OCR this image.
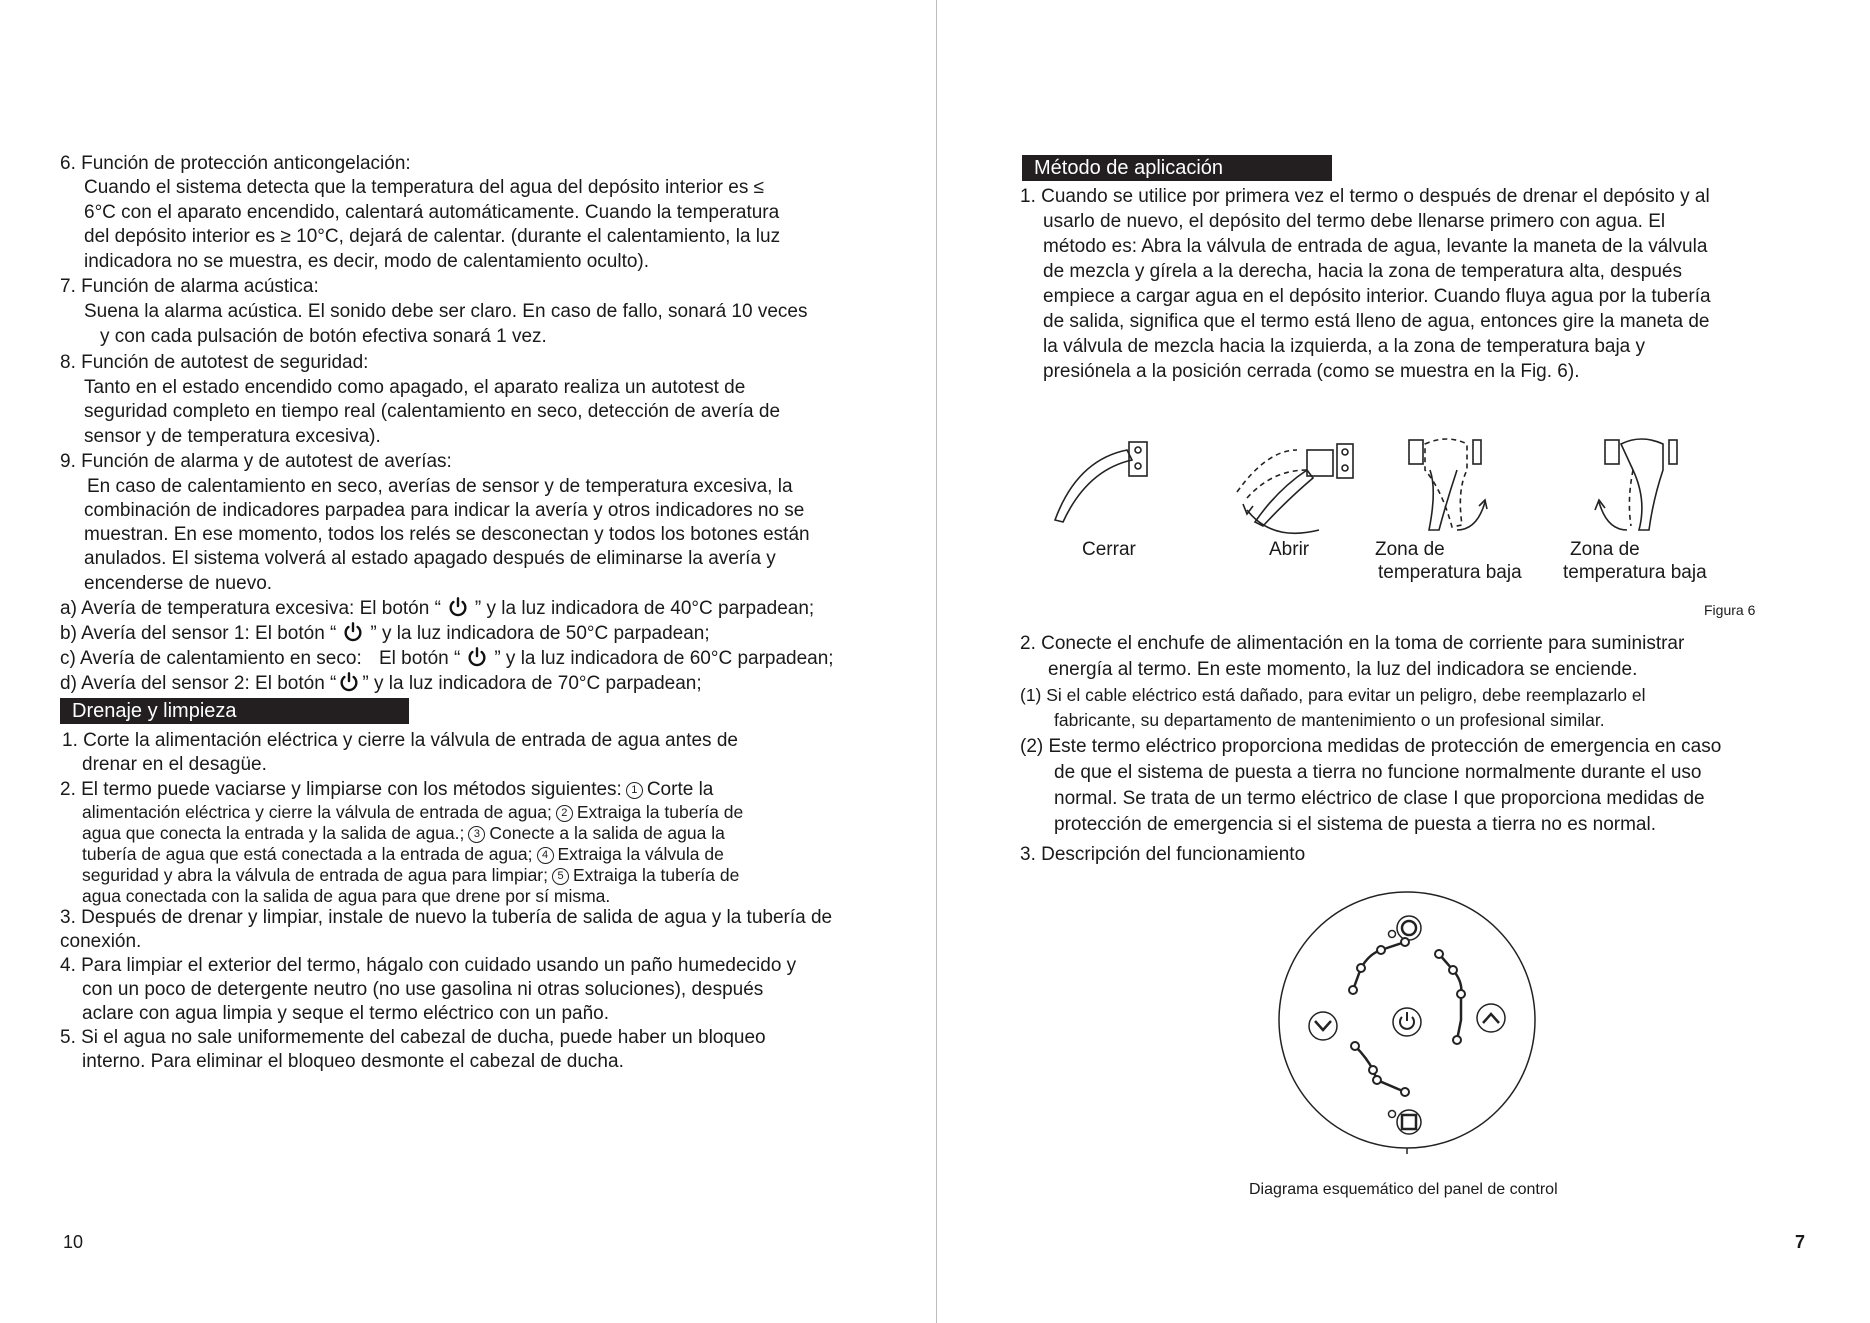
6. Función de protección anticongelación:
Cuando el sistema detecta que la temperatura del agua del depósito interior es ≤
6°C con el aparato encendido, calentará automáticamente. Cuando la temperatura
del depósito interior es ≥ 10°C, dejará de calentar. (durante el calentamiento, la luz
indicadora no se muestra, es decir, modo de calentamiento oculto).
7. Función de alarma acústica:
Suena la alarma acústica. El sonido debe ser claro. En caso de fallo, sonará 10 veces
y con cada pulsación de botón efectiva sonará 1 vez.
8. Función de autotest de seguridad:
Tanto en el estado encendido como apagado, el aparato realiza un autotest de
seguridad completo en tiempo real (calentamiento en seco, detección de avería de
sensor y de temperatura excesiva).
9. Función de alarma y de autotest de averías:
En caso de calentamiento en seco, averías de sensor y de temperatura excesiva, la
combinación de indicadores parpadea para indicar la avería y otros indicadores no se
muestran. En ese momento, todos los relés se desconectan y todos los botones están
anulados. El sistema volverá al estado apagado después de eliminarse la avería y
encenderse de nuevo.
a) Avería de temperatura excesiva: El botón “ ” y la luz indicadora de 40°C parpadean;
b) Avería del sensor 1: El botón “ ” y la luz indicadora de 50°C parpadean;
c) Avería de calentamiento en seco: El botón “ ” y la luz indicadora de 60°C parpadean;
d) Avería del sensor 2: El botón “ ” y la luz indicadora de 70°C parpadean;
Drenaje y limpieza
1. Corte la alimentación eléctrica y cierre la válvula de entrada de agua antes de
drenar en el desagüe.
2. El termo puede vaciarse y limpiarse con los métodos siguientes: 1 Corte la
alimentación eléctrica y cierre la válvula de entrada de agua; 2 Extraiga la tubería de
agua que conecta la entrada y la salida de agua.; 3 Conecte a la salida de agua la
tubería de agua que está conectada a la entrada de agua; 4 Extraiga la válvula de
seguridad y abra la válvula de entrada de agua para limpiar; 5 Extraiga la tubería de
agua conectada con la salida de agua para que drene por sí misma.
3. Después de drenar y limpiar, instale de nuevo la tubería de salida de agua y la tubería de
conexión.
4. Para limpiar el exterior del termo, hágalo con cuidado usando un paño humedecido y
con un poco de detergente neutro (no use gasolina ni otras soluciones), después
aclare con agua limpia y seque el termo eléctrico con un paño.
5. Si el agua no sale uniformemente del cabezal de ducha, puede haber un bloqueo
interno. Para eliminar el bloqueo desmonte el cabezal de ducha.
10
Método de aplicación
1. Cuando se utilice por primera vez el termo o después de drenar el depósito y al
usarlo de nuevo, el depósito del termo debe llenarse primero con agua. El
método es: Abra la válvula de entrada de agua, levante la maneta de la válvula
de mezcla y gírela a la derecha, hacia la zona de temperatura alta, después
empiece a cargar agua en el depósito interior. Cuando fluya agua por la tubería
de salida, significa que el termo está lleno de agua, entonces gire la maneta de
la válvula de mezcla hacia la izquierda, a la zona de temperatura baja y
presiónela a la posición cerrada (como se muestra en la Fig. 6).
Cerrar	Abrir	Zona de
temperatura baja
Zona de
temperatura baja
Figura 6
2. Conecte el enchufe de alimentación en la toma de corriente para suministrar
energía al termo. En este momento, la luz del indicadora se enciende.
(1) Si el cable eléctrico está dañado, para evitar un peligro, debe reemplazarlo el
fabricante, su departamento de mantenimiento o un profesional similar.
(2) Este termo eléctrico proporciona medidas de protección de emergencia en caso
de que el sistema de puesta a tierra no funcione normalmente durante el uso
normal. Se trata de un termo eléctrico de clase I que proporciona medidas de
protección de emergencia si el sistema de puesta a tierra no es normal.
3. Descripción del funcionamiento
Diagrama esquemático del panel de control
7
